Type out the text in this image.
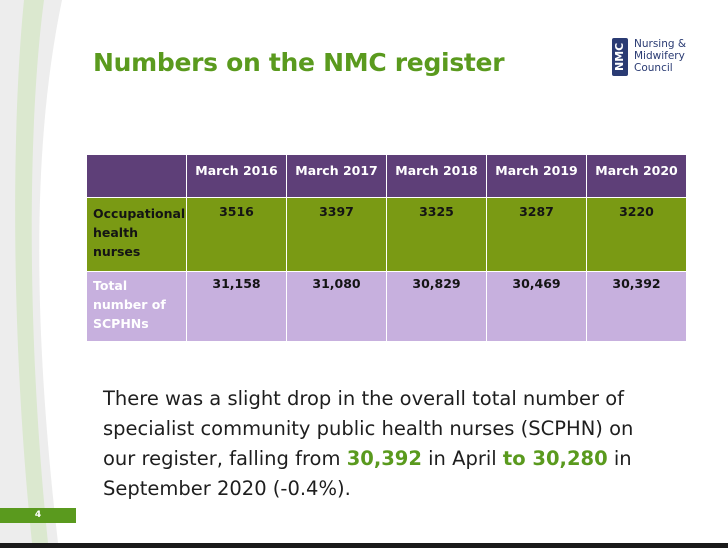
Numbers on the NMC register	NMC Nursing &
Midwifery
Council
	March 2016	March 2017	March 2018	March 2019	March 2020
Occupational health nurses	3516	3397	3325	3287	3220
Total number of SCPHNs	31,158	31,080	30,829	30,469	30,392
There was a slight drop in the overall total number of specialist community public health nurses (SCPHN) on our register, falling from 30,392 in April to 30,280 in September 2020 (-0.4%).
4
